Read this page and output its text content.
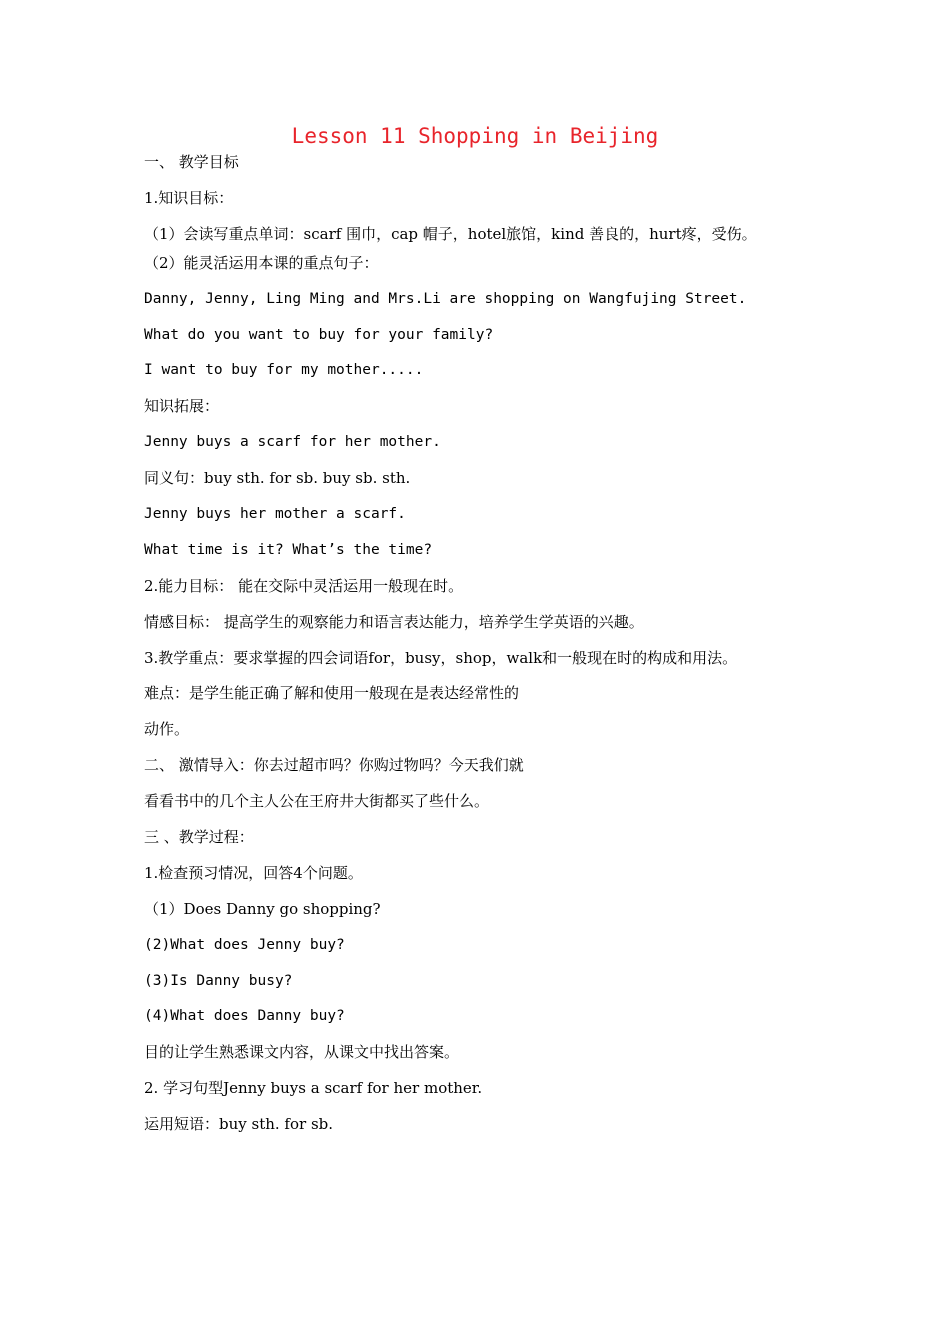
Lesson 11 Shopping in Beijing
一、 教学目标
1.知识目标：
（1）会读写重点单词：scarf 围巾，cap 帽子，hotel旅馆，kind 善良的，hurt疼，受伤。
（2）能灵活运用本课的重点句子：
Danny, Jenny, Ling Ming and Mrs.Li are shopping on Wangfujing Street.
What do you want to buy for your family?
I want to buy for my mother.....
知识拓展：
Jenny buys a scarf for her mother.
同义句：buy sth. for sb. buy sb. sth.
Jenny buys her mother a scarf.
What time is it? What’s the time?
2.能力目标： 能在交际中灵活运用一般现在时。
情感目标： 提高学生的观察能力和语言表达能力，培养学生学英语的兴趣。
3.教学重点：要求掌握的四会词语for，busy，shop，walk和一般现在时的构成和用法。
难点：是学生能正确了解和使用一般现在是表达经常性的
动作。
二、 激情导入：你去过超市吗？你购过物吗？今天我们就
看看书中的几个主人公在王府井大街都买了些什么。
三 、教学过程：
1.检查预习情况，回答4个问题。
（1）Does Danny go shopping?
(2)What does Jenny buy?
(3)Is Danny busy?
(4)What does Danny buy?
目的让学生熟悉课文内容，从课文中找出答案。
2. 学习句型Jenny buys a scarf for her mother.
运用短语：buy sth. for sb.
